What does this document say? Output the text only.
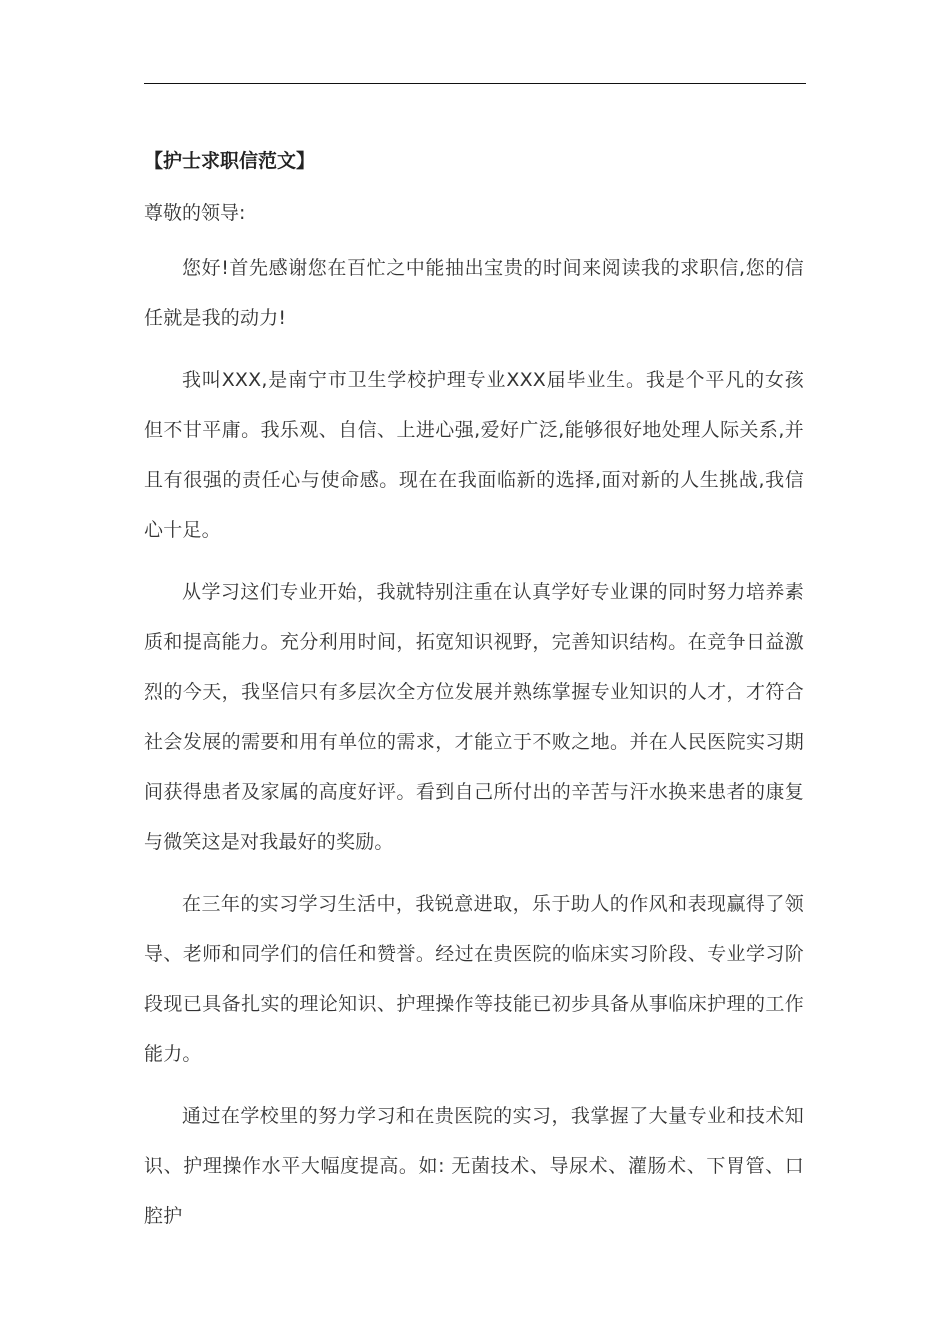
【护士求职信范文】

尊敬的领导:

您好!首先感谢您在百忙之中能抽出宝贵的时间来阅读我的求职信,您的信任就是我的动力!

我叫XXX,是南宁市卫生学校护理专业XXX届毕业生。我是个平凡的女孩但不甘平庸。我乐观、自信、上进心强,爱好广泛,能够很好地处理人际关系,并且有很强的责任心与使命感。现在在我面临新的选择,面对新的人生挑战,我信心十足。

从学习这们专业开始，我就特别注重在认真学好专业课的同时努力培养素质和提高能力。充分利用时间，拓宽知识视野，完善知识结构。在竞争日益激烈的今天，我坚信只有多层次全方位发展并熟练掌握专业知识的人才，才符合社会发展的需要和用有单位的需求，才能立于不败之地。并在人民医院实习期间获得患者及家属的高度好评。看到自己所付出的辛苦与汗水换来患者的康复与微笑这是对我最好的奖励。

在三年的实习学习生活中，我锐意进取，乐于助人的作风和表现赢得了领导、老师和同学们的信任和赞誉。经过在贵医院的临床实习阶段、专业学习阶段现已具备扎实的理论知识、护理操作等技能已初步具备从事临床护理的工作能力。

通过在学校里的努力学习和在贵医院的实习，我掌握了大量专业和技术知识、护理操作水平大幅度提高。如: 无菌技术、导尿术、灌肠术、下胃管、口腔护
